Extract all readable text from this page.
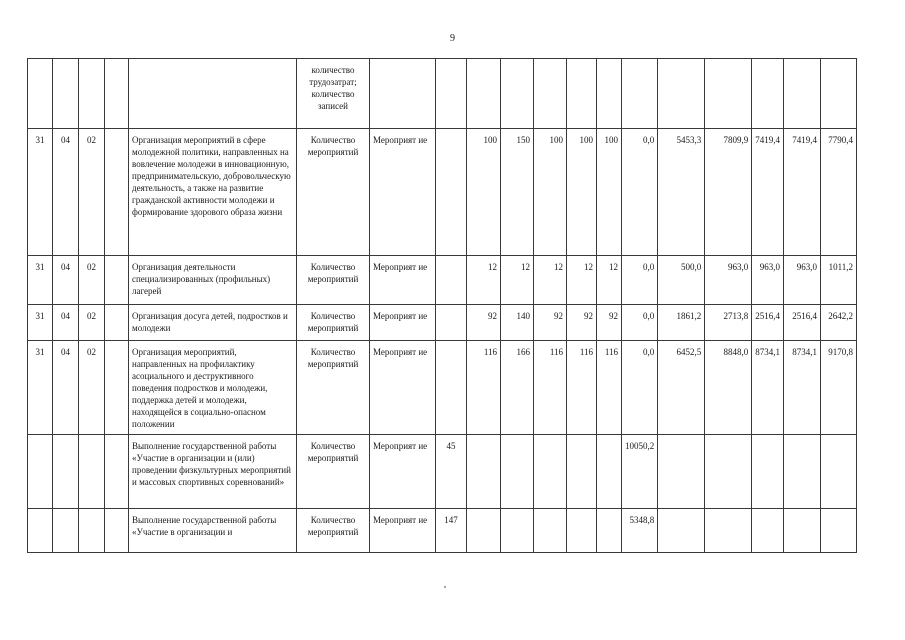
9
					количество трудозатрат; количество записей													
31	04	02		Организация мероприятий в сфере молодежной политики, направленных на вовлечение молодежи в инновационную, предпринимательскую, добровольческую деятельность, а также на развитие гражданской активности молодежи и формирование здорового образа жизни	Количество мероприятий	Мероприят ие		100	150	100	100	100	0,0	5453,3	7809,9	7419,4	7419,4	7790,4
31	04	02		Организация деятельности специализированных (профильных) лагерей	Количество мероприятий	Мероприят ие		12	12	12	12	12	0,0	500,0	963,0	963,0	963,0	1011,2
31	04	02		Организация досуга детей, подростков и молодежи	Количество мероприятий	Мероприят ие		92	140	92	92	92	0,0	1861,2	2713,8	2516,4	2516,4	2642,2
31	04	02		Организация мероприятий, направленных на профилактику асоциального и деструктивного поведения подростков и молодежи, поддержка детей и молодежи, находящейся в социально-опасном положении	Количество мероприятий	Мероприят ие		116	166	116	116	116	0,0	6452,5	8848,0	8734,1	8734,1	9170,8
				Выполнение государственной работы «Участие в организации и (или) проведении физкультурных мероприятий и массовых спортивных соревнований»	Количество мероприятий	Мероприят ие	45						10050,2					
				Выполнение государственной работы «Участие в организации и	Количество мероприятий	Мероприят ие	147						5348,8					
